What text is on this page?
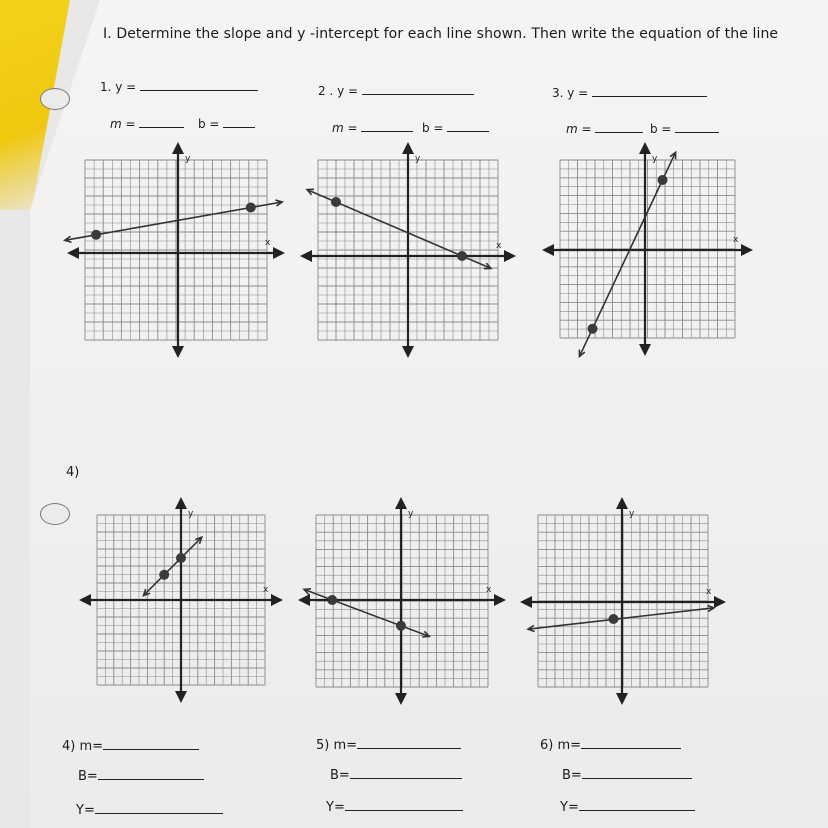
I. Determine the slope and y -intercept for each line shown. Then write the equation of the line
1. y =	2 . y =	3. y =
m =	b =	m =	b =	m =	b =
x
y
x
y
x
y
x
y
x
y
x
y
4)
4) m=
B=
Y=
5) m=
B=
Y=
6) m=
B=
Y=
